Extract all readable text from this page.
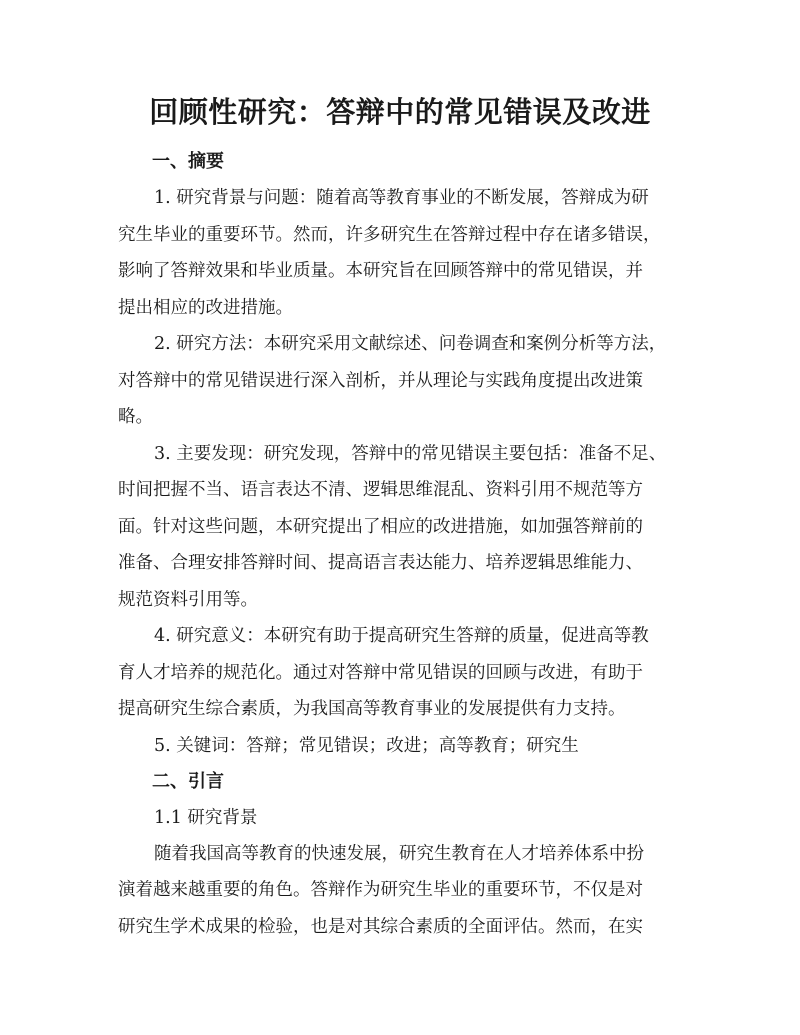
回顾性研究：答辩中的常见错误及改进
一、摘要
1. 研究背景与问题：随着高等教育事业的不断发展，答辩成为研
究生毕业的重要环节。然而，许多研究生在答辩过程中存在诸多错误，
影响了答辩效果和毕业质量。本研究旨在回顾答辩中的常见错误，并
提出相应的改进措施。
2. 研究方法：本研究采用文献综述、问卷调查和案例分析等方法，
对答辩中的常见错误进行深入剖析，并从理论与实践角度提出改进策
略。
3. 主要发现：研究发现，答辩中的常见错误主要包括：准备不足、
时间把握不当、语言表达不清、逻辑思维混乱、资料引用不规范等方
面。针对这些问题，本研究提出了相应的改进措施，如加强答辩前的
准备、合理安排答辩时间、提高语言表达能力、培养逻辑思维能力、
规范资料引用等。
4. 研究意义：本研究有助于提高研究生答辩的质量，促进高等教
育人才培养的规范化。通过对答辩中常见错误的回顾与改进，有助于
提高研究生综合素质，为我国高等教育事业的发展提供有力支持。
5. 关键词：答辩；常见错误；改进；高等教育；研究生
二、引言
1.1 研究背景
随着我国高等教育的快速发展，研究生教育在人才培养体系中扮
演着越来越重要的角色。答辩作为研究生毕业的重要环节，不仅是对
研究生学术成果的检验，也是对其综合素质的全面评估。然而，在实
